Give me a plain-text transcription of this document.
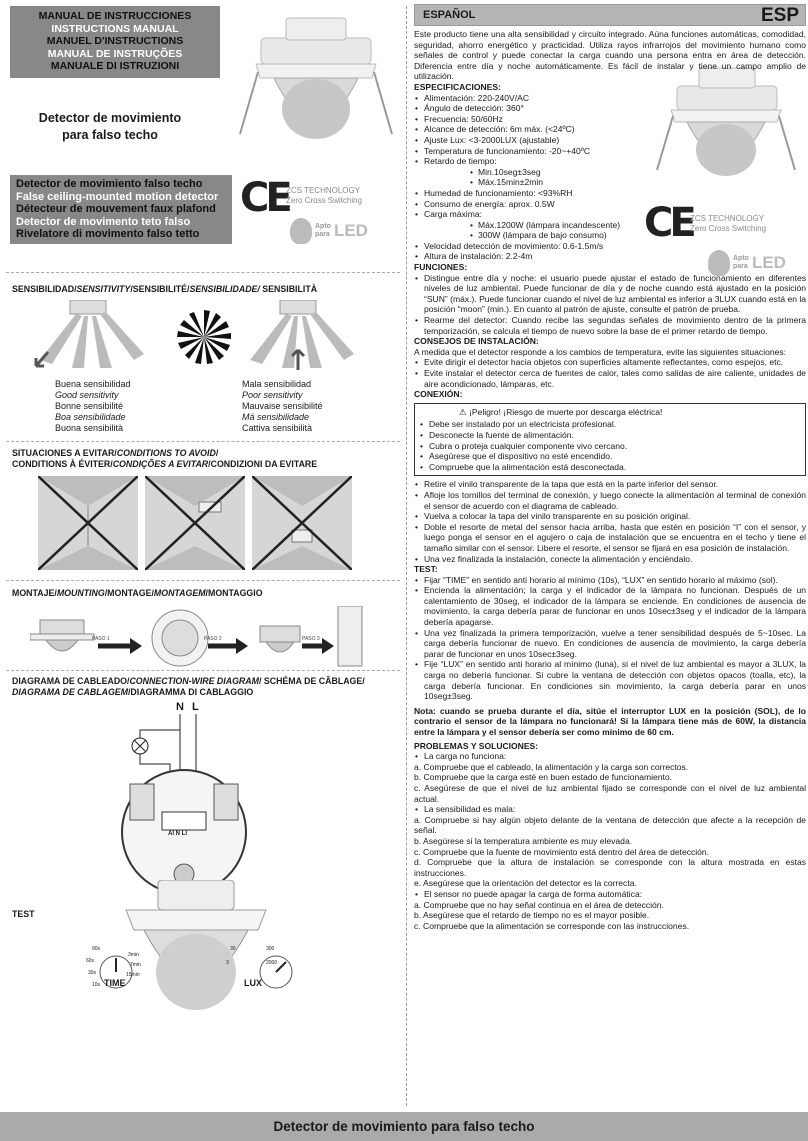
MANUAL DE INSTRUCCIONES
INSTRUCTIONS MANUAL
MANUEL D'INSTRUCTIONS
MANUAL DE INSTRUÇÕES
MANUALE DI ISTRUZIONI
Detector de movimiento
para falso techo
Detector de movimiento falso techo
False ceiling-mounted motion detector
Détecteur de mouvement faux plafond
Detector de movimento teto falso
Rivelatore di movimento falso tetto
CE
ZCS TECHNOLOGY
Zero Cross Switching
Apto
para LED
SENSIBILIDAD/SENSITIVITY/SENSIBILITÉ/SENSIBILIDADE/ SENSIBILITÀ
Buena sensibilidad
Good sensitivity
Bonne sensibilité
Boa sensibilidade
Buona sensibilità
Mala sensibilidad
Poor sensitivity
Mauvaise sensibilité
Má sensibilidade
Cattiva sensibilità
SITUACIONES A EVITAR/CONDITIONS TO AVOID/
CONDITIONS À ÉVITER/CONDIÇÕES A EVITAR/CONDIZIONI DA EVITARE
MONTAJE/MOUNTING/MONTAGE/MONTAGEM/MONTAGGIO
PASO 1	PASO 2	PASO 3
DIAGRAMA DE CABLEADO/CONNECTION-WIRE DIAGRAM/ SCHÉMA DE CÂBLAGE/
DIAGRAMA DE CABLAGEM/DIAGRAMMA DI CABLAGGIO
N L
Al N Ll
TEST
TIME	LUX
90s
60s
30s
10s
3min
7min
15min
30
3
300
2000
ESPAÑOL	ESP
CE
ZCS TECHNOLOGY
Zero Cross Switching
Apto
para LED

Este producto tiene una alta sensibilidad y circuito integrado. Aúna funciones automáticas, comodidad, seguridad, ahorro energético y practicidad. Utiliza rayos infrarrojos del movimiento humano como señales de control y puede conectar la carga cuando una persona entra en área de detección. Diferencia entre día y noche automáticamente. Es fácil de instalar y tiene un campo amplio de utilización.

ESPECIFICACIONES:
• Alimentación: 220-240V/AC
• Ángulo de detección: 360°
• Frecuencia: 50/60Hz
• Alcance de detección: 6m máx. (<24ºC)
• Ajuste Lux: <3-2000LUX (ajustable)
• Temperatura de funcionamiento: -20~+40ºC
• Retardo de tiempo:
• Min.10seg±3seg
• Máx.15min±2min
• Humedad de funcionamiento: <93%RH
• Consumo de energía: aprox. 0.5W
• Carga máxima:
• Máx.1200W (lámpara incandescente)
• 300W (lámpara de bajo consumo)
• Velocidad detección de movimiento: 0.6-1.5m/s
• Altura de instalación: 2.2-4m
FUNCIONES:
• Distingue entre día y noche: el usuario puede ajustar el estado de funcionamiento en diferentes niveles de luz ambiental. Puede funcionar de día y de noche cuando está ajustado en la posición “SUN” (máx.). Puede funcionar cuando el nivel de luz ambiental es inferior a 3LUX cuando está en la posición “moon” (min.). En cuanto al patrón de ajuste, consulte el patrón de prueba.
• Rearme del detector: Cuando recibe las segundas señales de movimiento dentro de la primera temporización, se calcula el tiempo de nuevo sobre la base de el primer retardo de tiempo.
CONSEJOS DE INSTALACIÓN:

A medida que el detector responde a los cambios de temperatura, evite las siguientes situaciones:

• Evite dirigir el detector hacia objetos con superficies altamente reflectantes, como espejos, etc.
• Evite instalar el detector cerca de fuentes de calor, tales como salidas de aire caliente, unidades de aire acondicionado, lámparas, etc.
CONEXIÓN:
⚠ ¡Peligro! ¡Riesgo de muerte por descarga eléctrica!
• Debe ser instalado por un electricista profesional.
• Desconecte la fuente de alimentación.
• Cubra o proteja cualquier componente vivo cercano.
• Asegúrese que el dispositivo no esté encendido.
• Compruebe que la alimentación está desconectada.
• Retire el vinilo transparente de la tapa que está en la parte inferior del sensor.
• Afloje los tornillos del terminal de conexión, y luego conecte la alimentación al terminal de conexión el sensor de acuerdo con el diagrama de cableado.
• Vuelva a colocar la tapa del vinilo transparente en su posición original.
• Doble el resorte de metal del sensor hacia arriba, hasta que estén en posición “I” con el sensor, y luego ponga el sensor en el agujero o caja de instalación que se encuentra en el techo y tiene el tamaño similar con el sensor. Libere el resorte, el sensor se fijará en esa posición de instalación.
• Una vez finalizada la instalación, conecte la alimentación y enciéndalo.
TEST:
• Fijar “TIME” en sentido anti horario al mínimo (10s), “LUX” en sentido horario al máximo (sol).
• Encienda la alimentación; la carga y el indicador de la lámpara no funcionan. Después de un calentamiento de 30seg, el indicador de la lámpara se enciende. En condiciones de ausencia de movimiento, la carga debería parar de funcionar en unos 10sec±3seg y el indicador de la lámpara debería apagarse.
• Una vez finalizada la primera temporización, vuelve a tener sensibilidad después de 5~10sec. La carga debería funcionar de nuevo. En condiciones de ausencia de movimiento, la carga debería parar de funcionar en unos 10sec±3seg.
• Fije “LUX” en sentido anti horario al mínimo (luna), si el nivel de luz ambiental es mayor a 3LUX, la carga no debería funcionar. Si cubre la ventana de detección con objetos opacos (toalla, etc), la carga debería funcionar. En condiciones sin movimiento, la carga debería parar en unos 10seg±3seg.

Nota: cuando se prueba durante el día, sitúe el interruptor LUX en la posición (SOL), de lo contrario el sensor de la lámpara no funcionará! Si la lámpara tiene más de 60W, la distancia entre la lámpara y el sensor debería ser como mínimo de 60 cm.

PROBLEMAS Y SOLUCIONES:
• La carga no funciona:

a. Compruebe que el cableado, la alimentación y la carga son correctos.

b. Compruebe que la carga esté en buen estado de funcionamiento.

c. Asegúrese de que el nivel de luz ambiental fijado se corresponde con el nivel de luz ambiental actual.

• La sensibilidad es mala:

a. Compruebe si hay algún objeto delante de la ventana de detección que afecte a la recepción de señal.

b. Asegúrese si la temperatura ambiente es muy elevada.

c. Compruebe que la fuente de movimiento está dentro del área de detección.

d. Compruebe que la altura de instalación se corresponde con la altura mostrada en estas instrucciones.

e. Asegúrese que la orientación del detector es la correcta.

• El sensor no puede apagar la carga de forma automática:

a. Compruebe que no hay señal continua en el área de detección.

b. Asegúrese que el retardo de tiempo no es el mayor posible.

c. Compruebe que la alimentación se corresponde con las instrucciones.

Detector de movimiento para falso techo
